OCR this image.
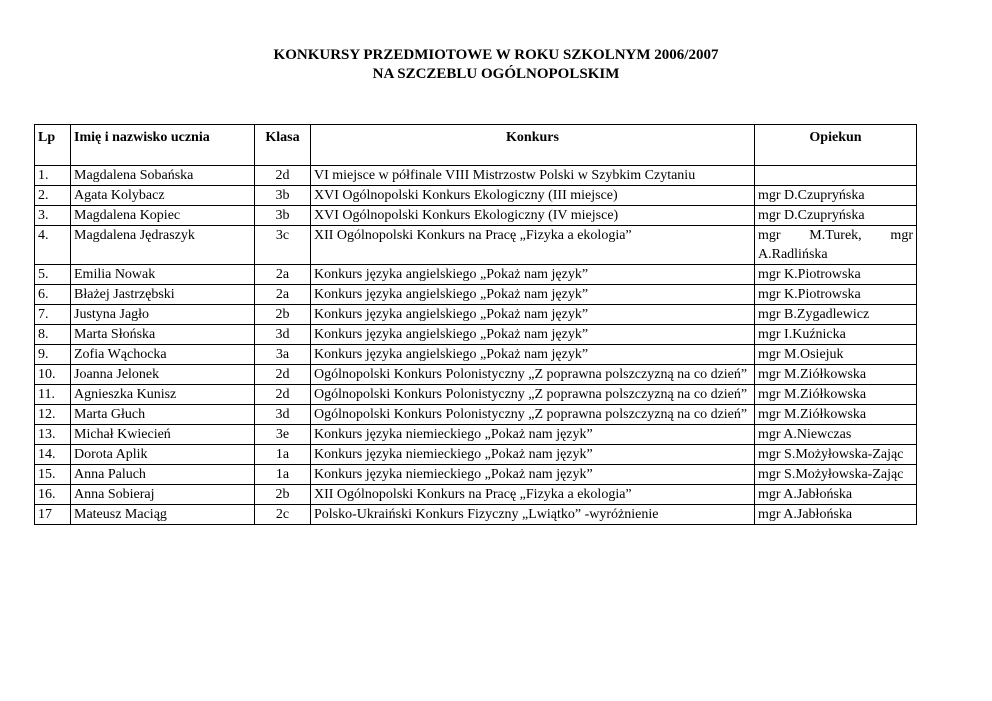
KONKURSY PRZEDMIOTOWE W ROKU SZKOLNYM 2006/2007
NA SZCZEBLU OGÓLNOPOLSKIM
Lp	Imię i nazwisko ucznia	Klasa	Konkurs	Opiekun
1.	Magdalena Sobańska	2d	VI miejsce w półfinale VIII Mistrzostw Polski w Szybkim Czytaniu	
2.	Agata Kolybacz	3b	XVI Ogólnopolski Konkurs Ekologiczny (III miejsce)	mgr D.Czupryńska
3.	Magdalena Kopiec	3b	XVI Ogólnopolski Konkurs Ekologiczny (IV miejsce)	mgr D.Czupryńska
4.	Magdalena Jędraszyk	3c	XII Ogólnopolski Konkurs na Pracę „Fizyka a ekologia”	mgr M.Turek, mgr A.Radlińska
5.	Emilia Nowak	2a	Konkurs języka angielskiego „Pokaż nam język”	mgr K.Piotrowska
6.	Błażej Jastrzębski	2a	Konkurs języka angielskiego „Pokaż nam język”	mgr K.Piotrowska
7.	Justyna Jagło	2b	Konkurs języka angielskiego „Pokaż nam język”	mgr B.Zygadlewicz
8.	Marta Słońska	3d	Konkurs języka angielskiego „Pokaż nam język”	mgr I.Kuźnicka
9.	Zofia Wąchocka	3a	Konkurs języka angielskiego „Pokaż nam język”	mgr M.Osiejuk
10.	Joanna Jelonek	2d	Ogólnopolski Konkurs Polonistyczny „Z poprawna polszczyzną na co dzień”	mgr M.Ziółkowska
11.	Agnieszka Kunisz	2d	Ogólnopolski Konkurs Polonistyczny „Z poprawna polszczyzną na co dzień”	mgr M.Ziółkowska
12.	Marta Głuch	3d	Ogólnopolski Konkurs Polonistyczny „Z poprawna polszczyzną na co dzień”	mgr M.Ziółkowska
13.	Michał Kwiecień	3e	Konkurs języka niemieckiego „Pokaż nam język”	mgr A.Niewczas
14.	Dorota Aplik	1a	Konkurs języka niemieckiego „Pokaż nam język”	mgr S.Możyłowska-Zając
15.	Anna Paluch	1a	Konkurs języka niemieckiego „Pokaż nam język”	mgr S.Możyłowska-Zając
16.	Anna Sobieraj	2b	XII Ogólnopolski Konkurs na Pracę „Fizyka a ekologia”	mgr A.Jabłońska
17	Mateusz Maciąg	2c	Polsko-Ukraiński Konkurs Fizyczny „Lwiątko” -wyróżnienie	mgr A.Jabłońska
